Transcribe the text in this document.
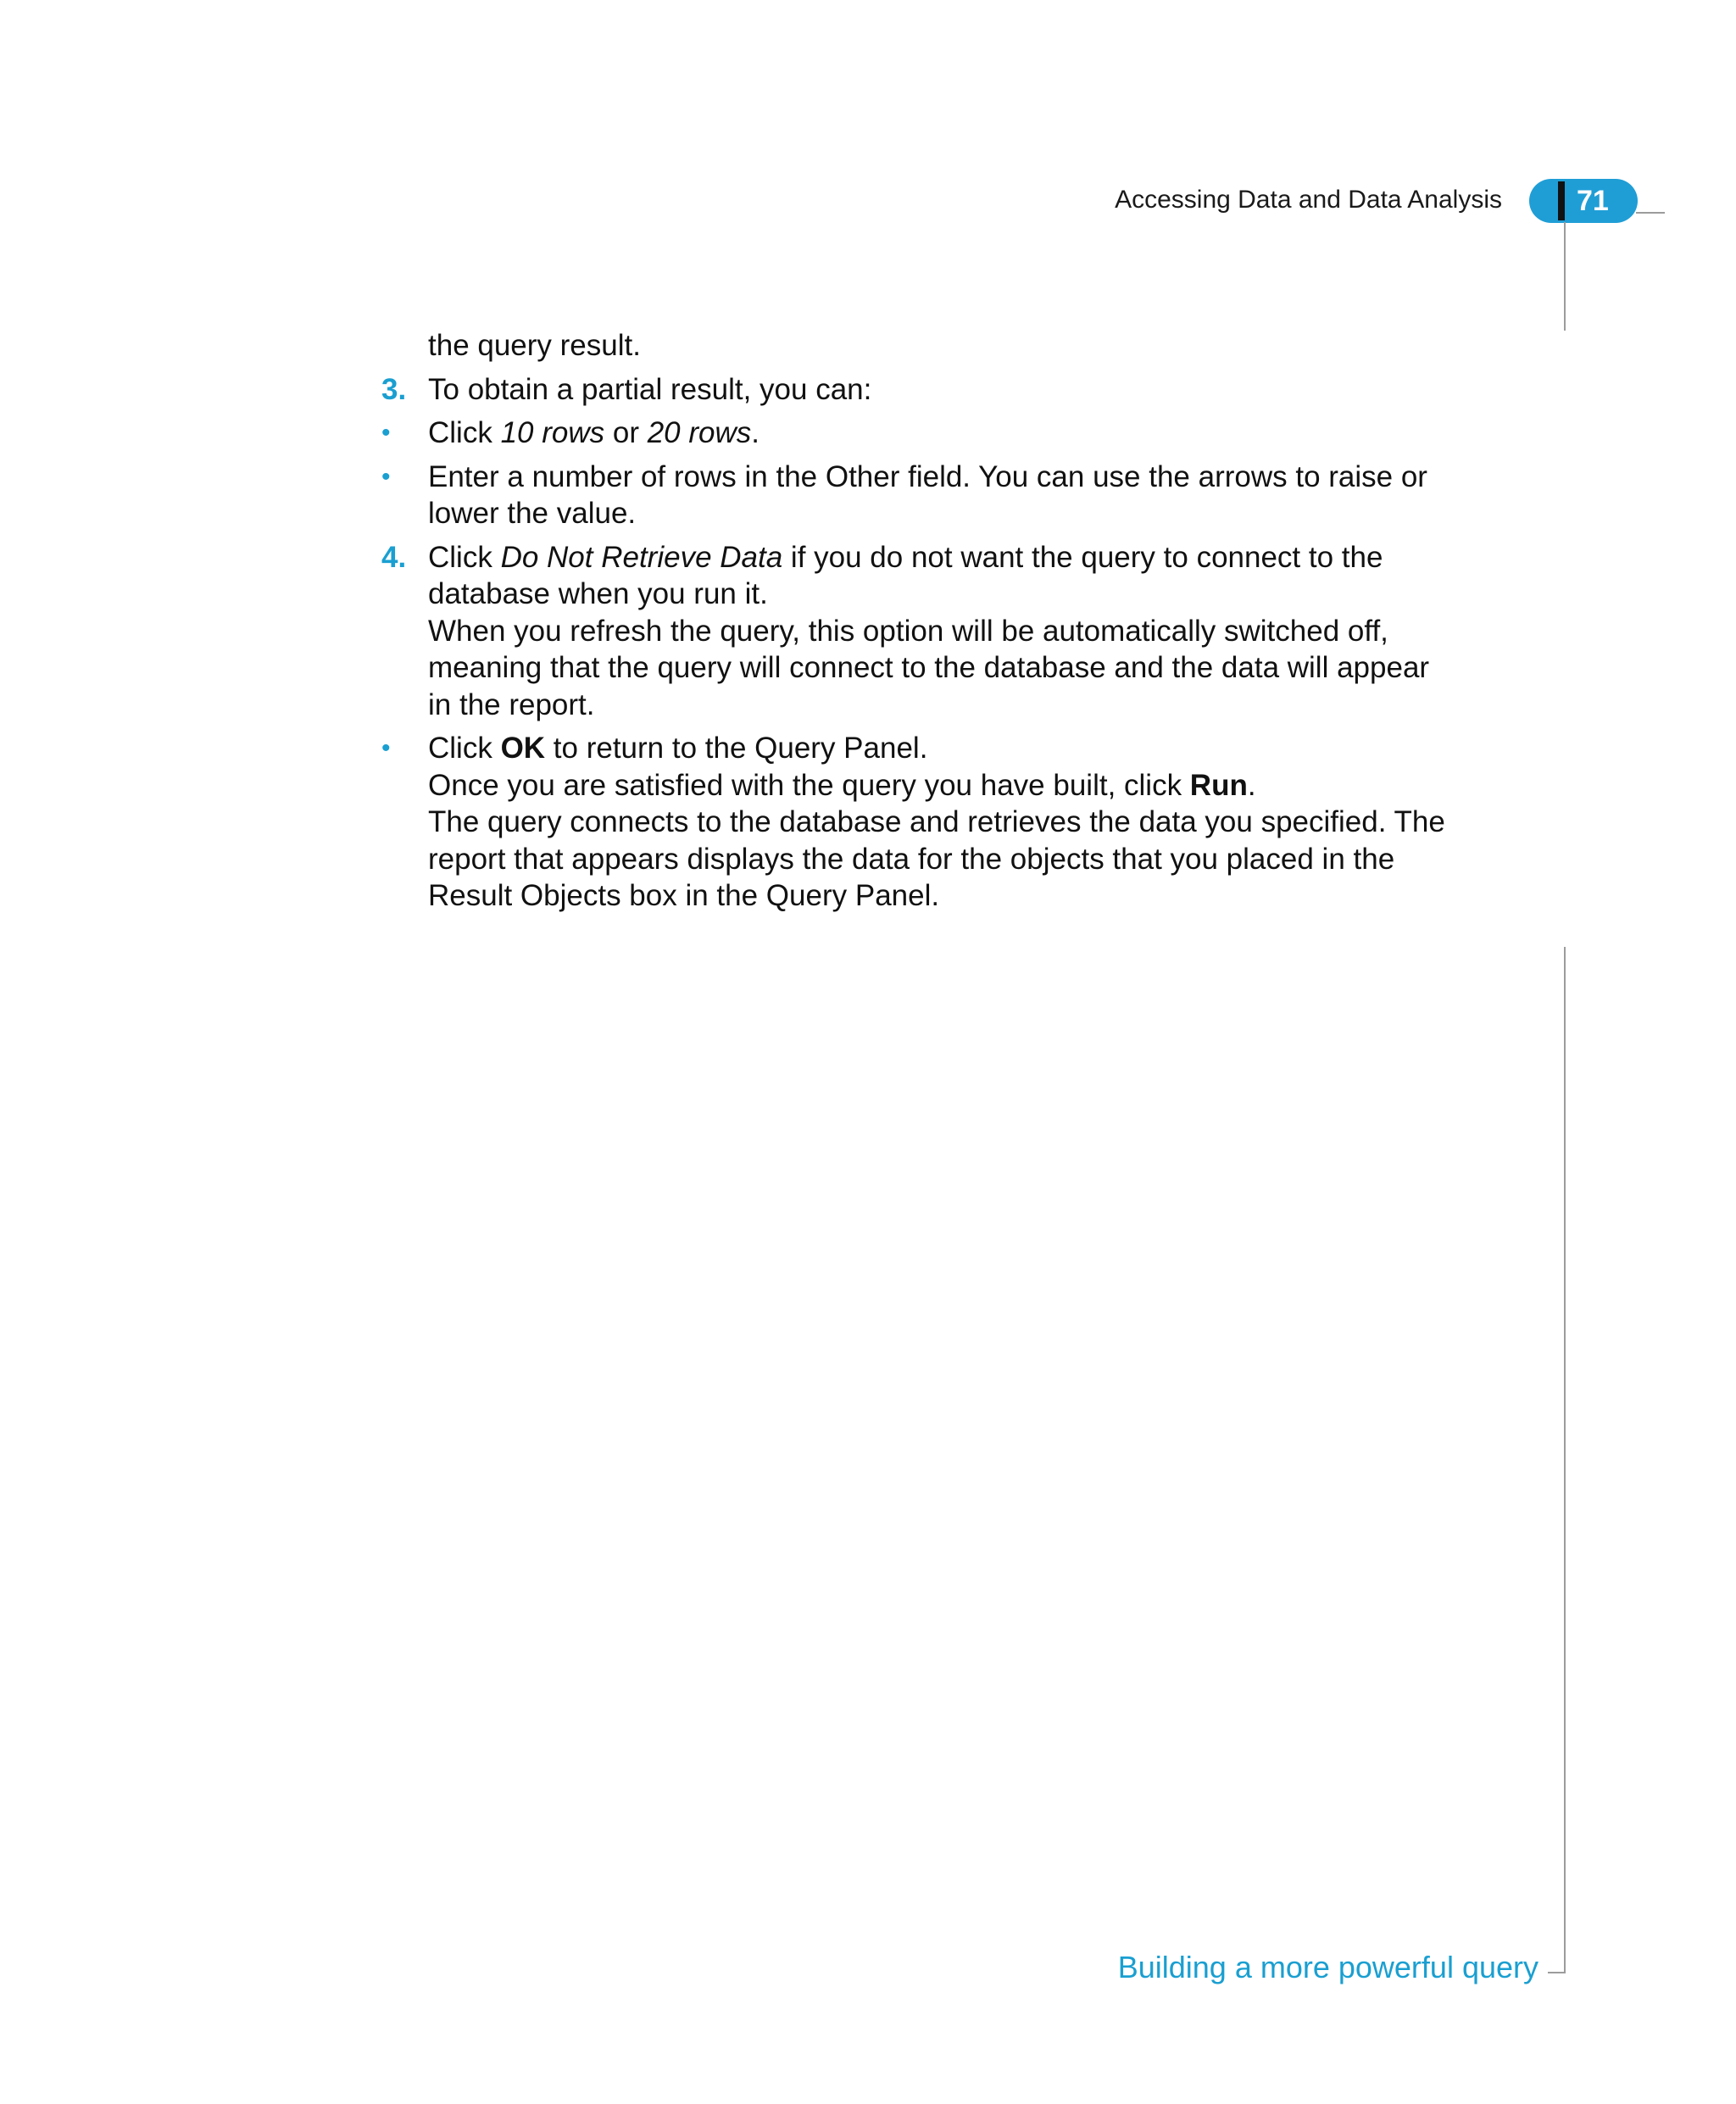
Accessing Data and Data Analysis	71
the query result.
3. To obtain a partial result, you can:
•	Click 10 rows or 20 rows.
•	Enter a number of rows in the Other field. You can use the arrows to raise or
lower the value.
4. Click Do Not Retrieve Data if you do not want the query to connect to the
database when you run it.
When you refresh the query, this option will be automatically switched off,
meaning that the query will connect to the database and the data will appear
in the report.
•	Click OK to return to the Query Panel.
Once you are satisfied with the query you have built, click Run.
The query connects to the database and retrieves the data you specified. The
report that appears displays the data for the objects that you placed in the
Result Objects box in the Query Panel.
Building a more powerful query
